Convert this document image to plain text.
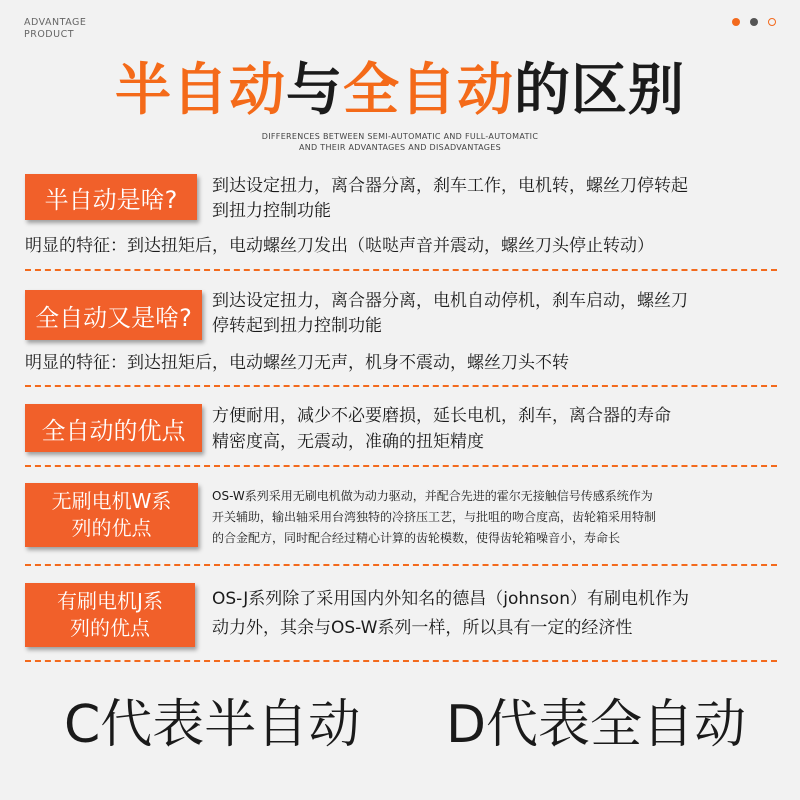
ADVANTAGE
PRODUCT
半自动与全自动的区别
DIFFERENCES BETWEEN SEMI-AUTOMATIC AND FULL-AUTOMATIC
AND THEIR ADVANTAGES AND DISADVANTAGES
半自动是啥?	到达设定扭力，离合器分离，刹车工作，电机转，螺丝刀停转起
到扭力控制功能
明显的特征：到达扭矩后，电动螺丝刀发出（哒哒声音并震动，螺丝刀头停止转动）
全自动又是啥?
到达设定扭力，离合器分离，电机自动停机，刹车启动，螺丝刀
停转起到扭力控制功能
明显的特征：到达扭矩后，电动螺丝刀无声，机身不震动，螺丝刀头不转
全自动的优点
方便耐用，减少不必要磨损，延长电机，刹车，离合器的寿命
精密度高，无震动，准确的扭矩精度
无刷电机W系
列的优点
OS-W系列采用无刷电机做为动力驱动，并配合先进的霍尔无接触信号传感系统作为
开关辅助，输出轴采用台湾独特的冷挤压工艺，与批咀的吻合度高，齿轮箱采用特制
的合金配方，同时配合经过精心计算的齿轮模数，使得齿轮箱噪音小，寿命长
有刷电机J系
列的优点
OS-J系列除了采用国内外知名的德昌（johnson）有刷电机作为
动力外，其余与OS-W系列一样，所以具有一定的经济性
C代表半自动 D代表全自动
